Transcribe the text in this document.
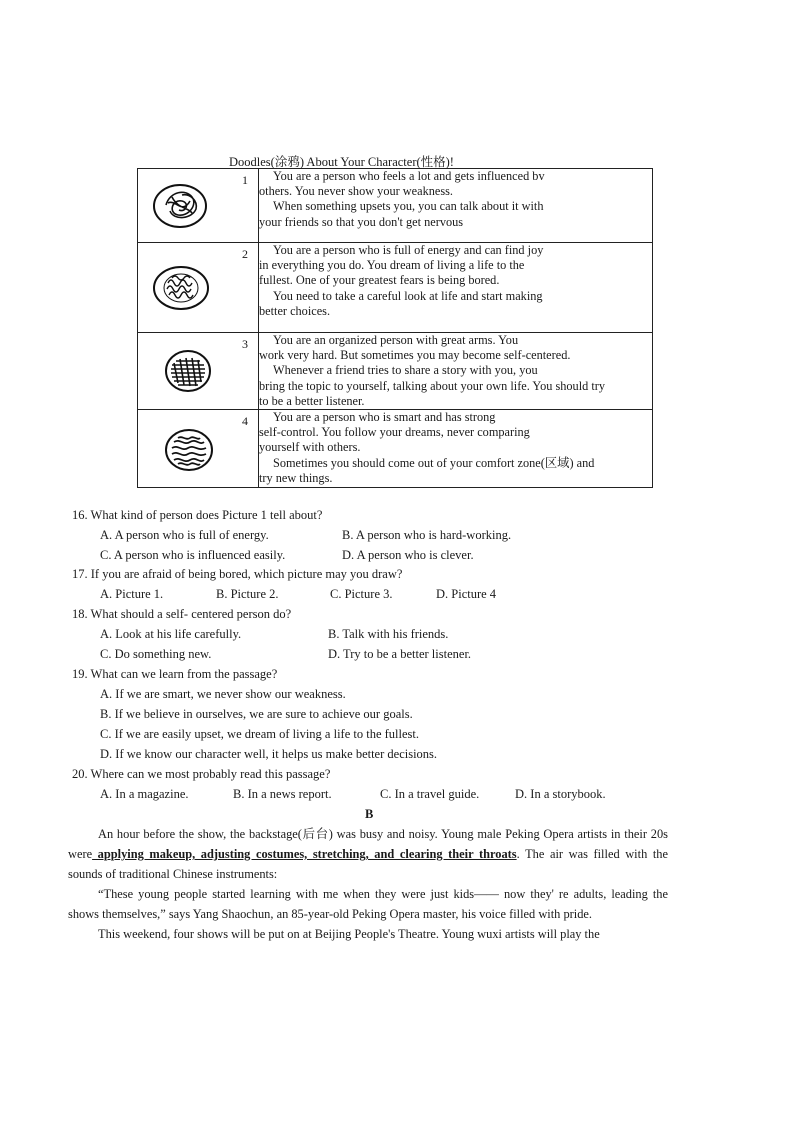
Doodles(涂鸦) About Your Character(性格)!
1	You are a person who feels a lot and gets influenced bv

others. You never show your weakness.

When something upsets you, you can talk about it with

your friends so that you don't get nervous

2	You are a person who is full of energy and can find joy

in everything you do. You dream of living a life to the

fullest. One of your greatest fears is being bored.

You need to take a careful look at life and start making

better choices.

3	You are an organized person with great arms. You

work very hard. But sometimes you may become self-centered.

Whenever a friend tries to share a story with you, you

bring the topic to yourself, talking about your own life. You should try

to be a better listener.

4	You are a person who is smart and has strong

self-control. You follow your dreams, never comparing

yourself with others.

Sometimes you should come out of your comfort zone(区域) and

try new things.

16. What kind of person does Picture 1 tell about?
A. A person who is full of energy.	B. A person who is hard-working.
C. A person who is influenced easily.	D. A person who is clever.
17. If you are afraid of being bored, which picture may you draw?
A. Picture 1.	B. Picture 2.	C. Picture 3.	D. Picture 4
18. What should a self- centered person do?
A. Look at his life carefully.	B. Talk with his friends.
C. Do something new.	D. Try to be a better listener.
19. What can we learn from the passage?
A. If we are smart, we never show our weakness.
B. If we believe in ourselves, we are sure to achieve our goals.
C. If we are easily upset, we dream of living a life to the fullest.
D. If we know our character well, it helps us make better decisions.
20. Where can we most probably read this passage?
A. In a magazine.	B. In a news report.	C. In a travel guide.	D. In a storybook.
B

An hour before the show, the backstage(后台) was busy and noisy. Young male Peking Opera artists in their 20s were applying makeup, adjusting costumes, stretching, and clearing their throats. The air was filled with the sounds of traditional Chinese instruments:

“These young people started learning with me when they were just kids—— now they' re adults, leading the shows themselves,” says Yang Shaochun, an 85-year-old Peking Opera master, his voice filled with pride.

This weekend, four shows will be put on at Beijing People's Theatre. Young wuxi artists will play the
